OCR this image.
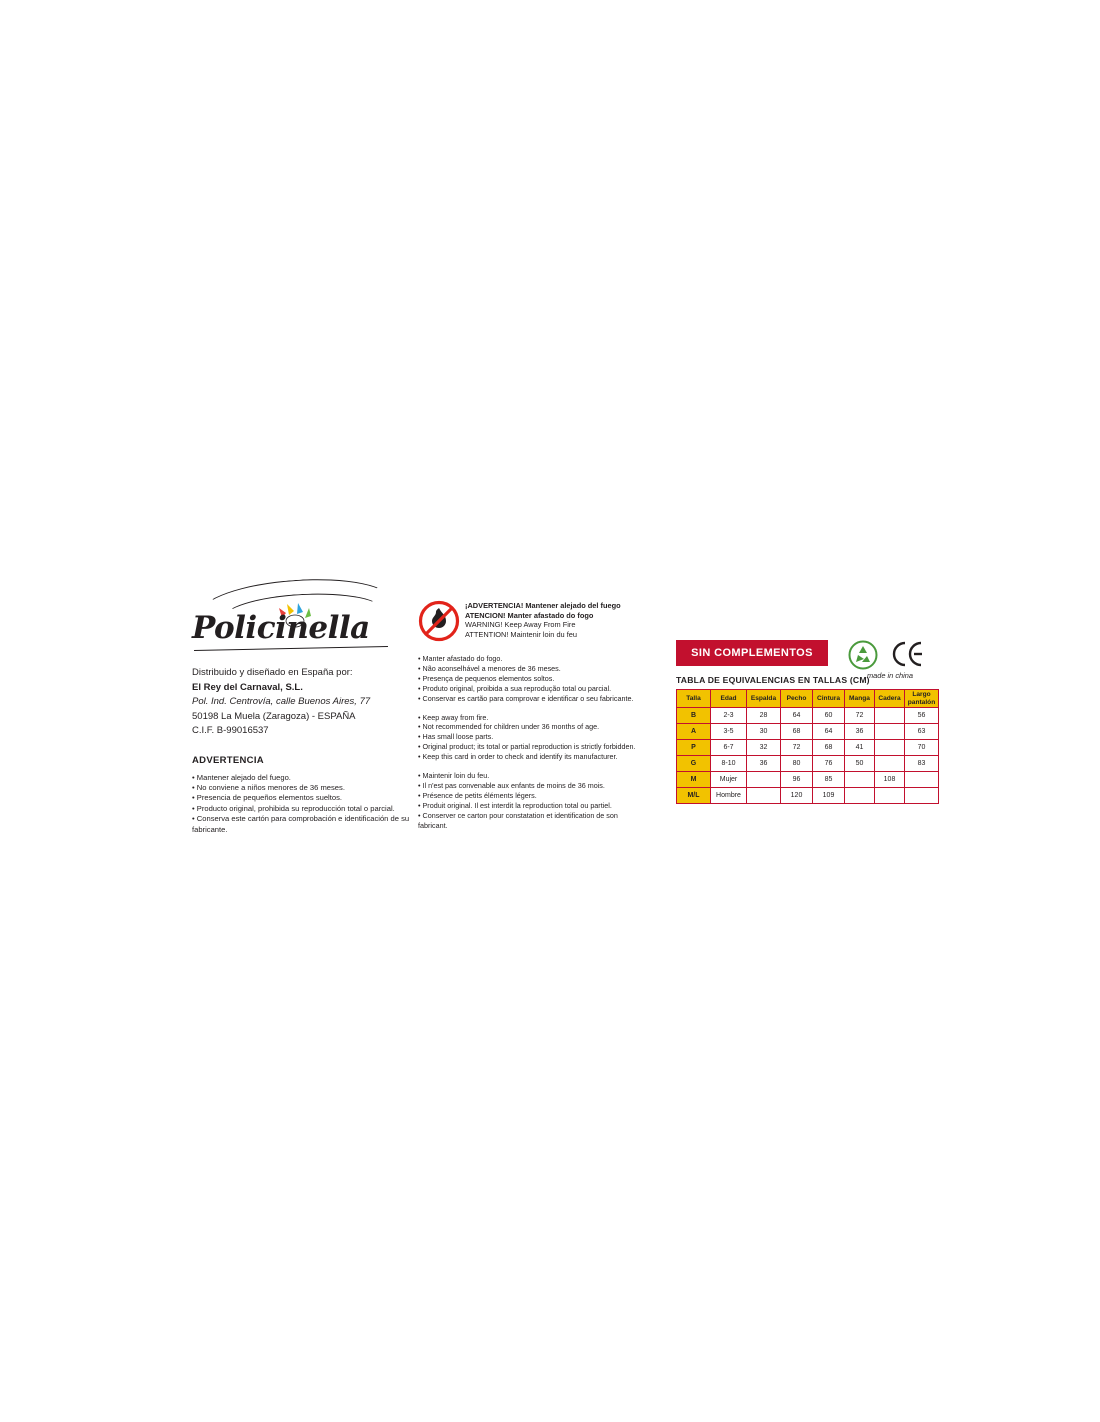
Policinella
Distribuido y diseñado en España por:
El Rey del Carnaval, S.L.
Pol. Ind. Centrovía, calle Buenos Aires, 77
50198 La Muela (Zaragoza) - ESPAÑA
C.I.F. B-99016537
ADVERTENCIA
• Mantener alejado del fuego.
• No conviene a niños menores de 36 meses.
• Presencia de pequeños elementos sueltos.
• Producto original, prohibida su reproducción total o parcial.
• Conserva este cartón para comprobación e identificación de su fabricante.
¡ADVERTENCIA! Mantener alejado del fuego
ATENCION! Manter afastado do fogo
WARNING! Keep Away From Fire
ATTENTION! Maintenir loin du feu
• Manter afastado do fogo.
• Não aconselhável a menores de 36 meses.
• Presença de pequenos elementos soltos.
• Produto original, proibida a sua reprodução total ou parcial.
• Conservar es cartão para comprovar e identificar o seu fabricante.
• Keep away from fire.
• Not recommended for children under 36 months of age.
• Has small loose parts.
• Original product; its total or partial reproduction is strictly forbidden.
• Keep this card in order to check and identify its manufacturer.
• Maintenir loin du feu.
• Il n'est pas convenable aux enfants de moins de 36 mois.
• Présence de petits éléments légers.
• Produit original. Il est interdit la reproduction total ou partiel.
• Conserver ce carton pour constatation et identification de son fabricant.
SIN COMPLEMENTOS
made in china
TABLA DE EQUIVALENCIAS EN TALLAS (CM)
Talla	Edad	Espalda	Pecho	Cintura	Manga	Cadera	Largo pantalón
B	2-3	28	64	60	72		56
A	3-5	30	68	64	36		63
P	6-7	32	72	68	41		70
G	8-10	36	80	76	50		83
M	Mujer		96	85		108	
M/L	Hombre		120	109			
